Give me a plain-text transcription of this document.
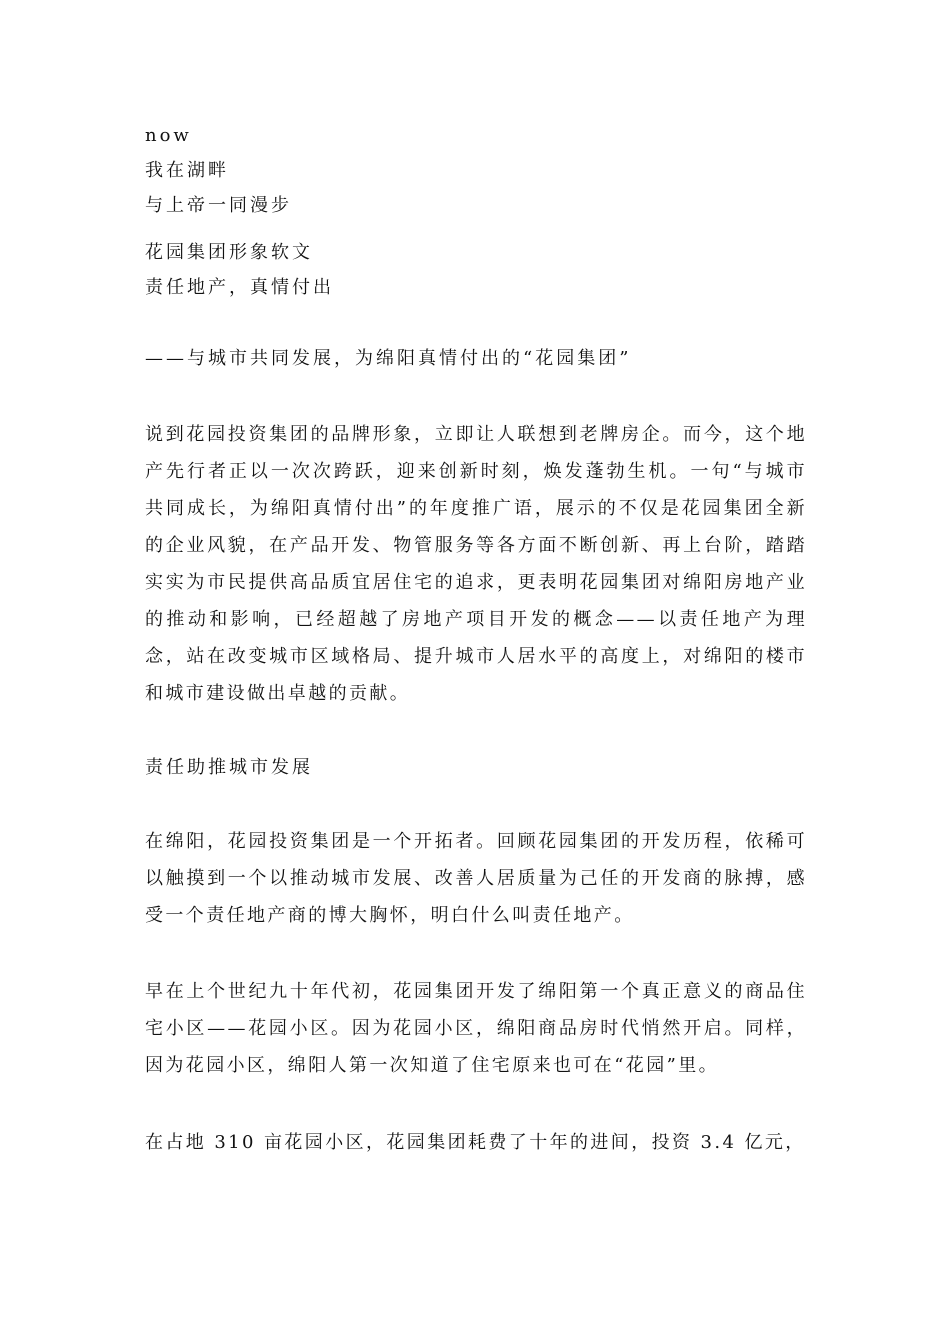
now
我在湖畔
与上帝一同漫步
花园集团形象软文
责任地产，真情付出
——与城市共同发展，为绵阳真情付出的“花园集团”

说到花园投资集团的品牌形象，立即让人联想到老牌房企。而今，这个地产先行者正以一次次跨跃，迎来创新时刻，焕发蓬勃生机。一句“与城市共同成长，为绵阳真情付出”的年度推广语，展示的不仅是花园集团全新的企业风貌，在产品开发、物管服务等各方面不断创新、再上台阶，踏踏实实为市民提供高品质宜居住宅的追求，更表明花园集团对绵阳房地产业的推动和影响，已经超越了房地产项目开发的概念——以责任地产为理念，站在改变城市区域格局、提升城市人居水平的高度上，对绵阳的楼市和城市建设做出卓越的贡献。

责任助推城市发展

在绵阳，花园投资集团是一个开拓者。回顾花园集团的开发历程，依稀可以触摸到一个以推动城市发展、改善人居质量为己任的开发商的脉搏，感受一个责任地产商的博大胸怀，明白什么叫责任地产。

早在上个世纪九十年代初，花园集团开发了绵阳第一个真正意义的商品住宅小区——花园小区。因为花园小区，绵阳商品房时代悄然开启。同样，因为花园小区，绵阳人第一次知道了住宅原来也可在“花园”里。

在占地 310 亩花园小区，花园集团耗费了十年的进间，投资 3.4 亿元，
